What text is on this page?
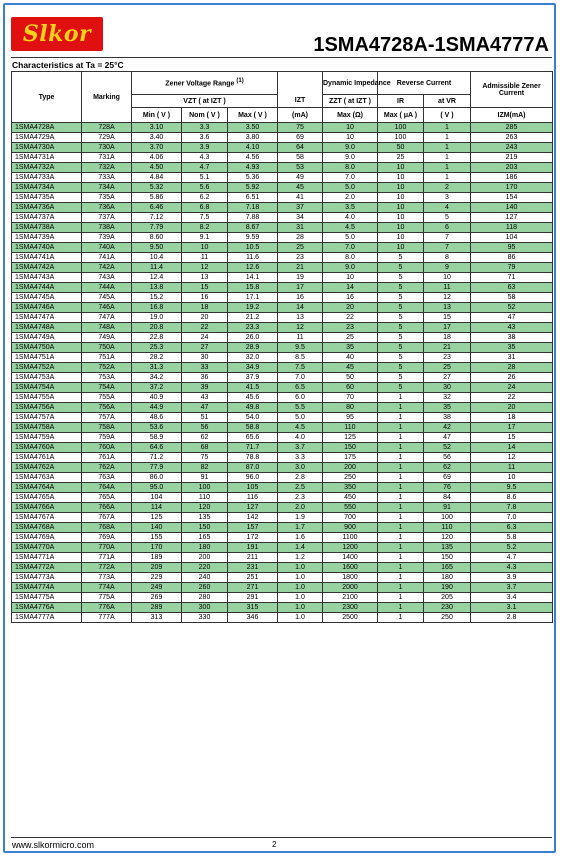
Slkor	1SMA4728A-1SMA4777A
Characteristics at Ta = 25°C
Type	Marking	Zener Voltage Range $^{(1)}$				Dynamic Impedance	Reverse Current		Admissible Zener Current
		VZT ( at IZT )			IZT	ZZT ( at IZT )	IR	at VR	
		Min ( V )	Nom ( V )	Max ( V )	(mA)	Max (Ω)	Max ( μA )	( V )	IZM(mA)
1SMA4728A	728A	3.10	3.3	3.50	75	10	100	1	285
1SMA4729A	729A	3.40	3.6	3.80	69	10	100	1	263
1SMA4730A	730A	3.70	3.9	4.10	64	9.0	50	1	243
1SMA4731A	731A	4.06	4.3	4.56	58	9.0	25	1	219
1SMA4732A	732A	4.50	4.7	4.93	53	8.0	10	1	203
1SMA4733A	733A	4.84	5.1	5.36	49	7.0	10	1	186
1SMA4734A	734A	5.32	5.6	5.92	45	5.0	10	2	170
1SMA4735A	735A	5.86	6.2	6.51	41	2.0	10	3	154
1SMA4736A	736A	6.46	6.8	7.18	37	3.5	10	4	140
1SMA4737A	737A	7.12	7.5	7.88	34	4.0	10	5	127
1SMA4738A	738A	7.79	8.2	8.67	31	4.5	10	6	118
1SMA4739A	739A	8.60	9.1	9.59	28	5.0	10	7	104
1SMA4740A	740A	9.50	10	10.5	25	7.0	10	7	95
1SMA4741A	741A	10.4	11	11.6	23	8.0	5	8	86
1SMA4742A	742A	11.4	12	12.6	21	9.0	5	9	79
1SMA4743A	743A	12.4	13	14.1	19	10	5	10	71
1SMA4744A	744A	13.8	15	15.8	17	14	5	11	63
1SMA4745A	745A	15.2	16	17.1	16	16	5	12	58
1SMA4746A	746A	16.8	18	19.2	14	20	5	13	52
1SMA4747A	747A	19.0	20	21.2	13	22	5	15	47
1SMA4748A	748A	20.8	22	23.3	12	23	5	17	43
1SMA4749A	749A	22.8	24	26.0	11	25	5	18	38
1SMA4750A	750A	25.3	27	28.9	9.5	35	5	21	35
1SMA4751A	751A	28.2	30	32.0	8.5	40	5	23	31
1SMA4752A	752A	31.3	33	34.9	7.5	45	5	25	28
1SMA4753A	753A	34.2	36	37.9	7.0	50	5	27	26
1SMA4754A	754A	37.2	39	41.5	6.5	60	5	30	24
1SMA4755A	755A	40.9	43	45.6	6.0	70	1	32	22
1SMA4756A	756A	44.9	47	49.8	5.5	80	1	35	20
1SMA4757A	757A	48.6	51	54.0	5.0	95	1	38	18
1SMA4758A	758A	53.6	56	58.8	4.5	110	1	42	17
1SMA4759A	759A	58.9	62	65.6	4.0	125	1	47	15
1SMA4760A	760A	64.6	68	71.7	3.7	150	1	52	14
1SMA4761A	761A	71.2	75	78.8	3.3	175	1	56	12
1SMA4762A	762A	77.9	82	87.0	3.0	200	1	62	11
1SMA4763A	763A	86.0	91	96.0	2.8	250	1	69	10
1SMA4764A	764A	95.0	100	105	2.5	350	1	76	9.5
1SMA4765A	765A	104	110	116	2.3	450	1	84	8.6
1SMA4766A	766A	114	120	127	2.0	550	1	91	7.8
1SMA4767A	767A	125	135	142	1.9	700	1	100	7.0
1SMA4768A	768A	140	150	157	1.7	900	1	110	6.3
1SMA4769A	769A	155	165	172	1.6	1100	1	120	5.8
1SMA4770A	770A	170	180	191	1.4	1200	1	135	5.2
1SMA4771A	771A	189	200	211	1.2	1400	1	150	4.7
1SMA4772A	772A	209	220	231	1.0	1600	1	165	4.3
1SMA4773A	773A	229	240	251	1.0	1800	1	180	3.9
1SMA4774A	774A	249	260	271	1.0	2000	1	190	3.7
1SMA4775A	775A	269	280	291	1.0	2100	1	205	3.4
1SMA4776A	776A	289	300	315	1.0	2300	1	230	3.1
1SMA4777A	777A	313	330	346	1.0	2500	1	250	2.8
www.slkormicro.com	2
